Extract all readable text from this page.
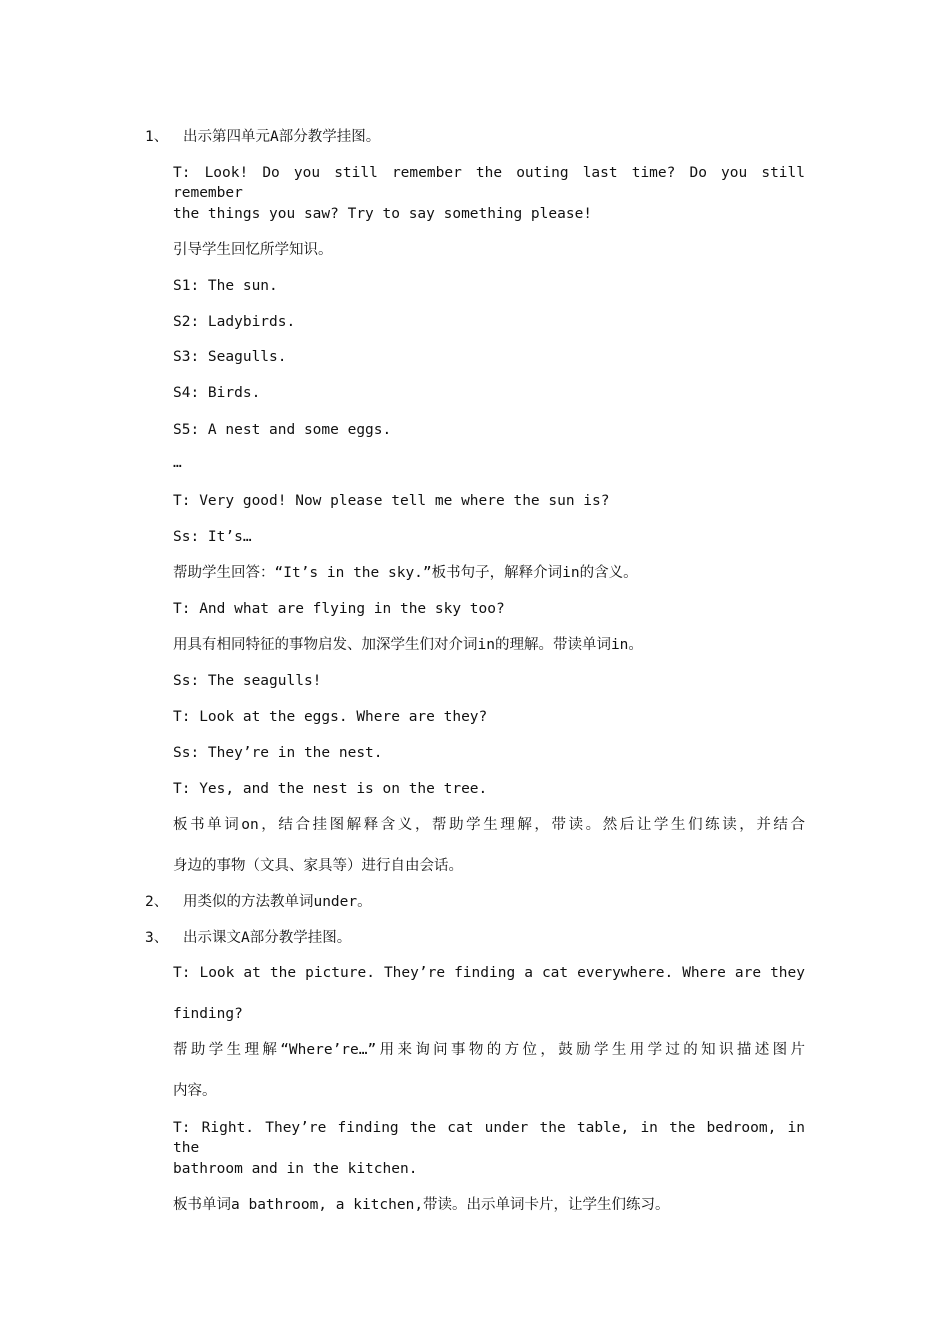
1、 出示第四单元A部分教学挂图。
T: Look! Do you still remember the outing last time? Do you still remember
the things you saw? Try to say something please!
引导学生回忆所学知识。
S1: The sun.
S2: Ladybirds.
S3: Seagulls.
S4: Birds.
S5: A nest and some eggs.
…
T: Very good! Now please tell me where the sun is?
Ss: It’s…
帮助学生回答：“It’s in the sky.”板书句子，解释介词in的含义。
T: And what are flying in the sky too?
用具有相同特征的事物启发、加深学生们对介词in的理解。带读单词in。
Ss: The seagulls!
T: Look at the eggs. Where are they?
Ss: They’re in the nest.
T: Yes, and the nest is on the tree.
板书单词on，结合挂图解释含义，帮助学生理解，带读。然后让学生们练读，并结合
身边的事物（文具、家具等）进行自由会话。
2、 用类似的方法教单词under。
3、 出示课文A部分教学挂图。
T: Look at the picture. They’re finding a cat everywhere. Where are they
finding?
帮助学生理解“Where’re…”用来询问事物的方位，鼓励学生用学过的知识描述图片
内容。
T: Right. They’re finding the cat under the table, in the bedroom, in the
bathroom and in the kitchen.
板书单词a bathroom, a kitchen,带读。出示单词卡片，让学生们练习。
